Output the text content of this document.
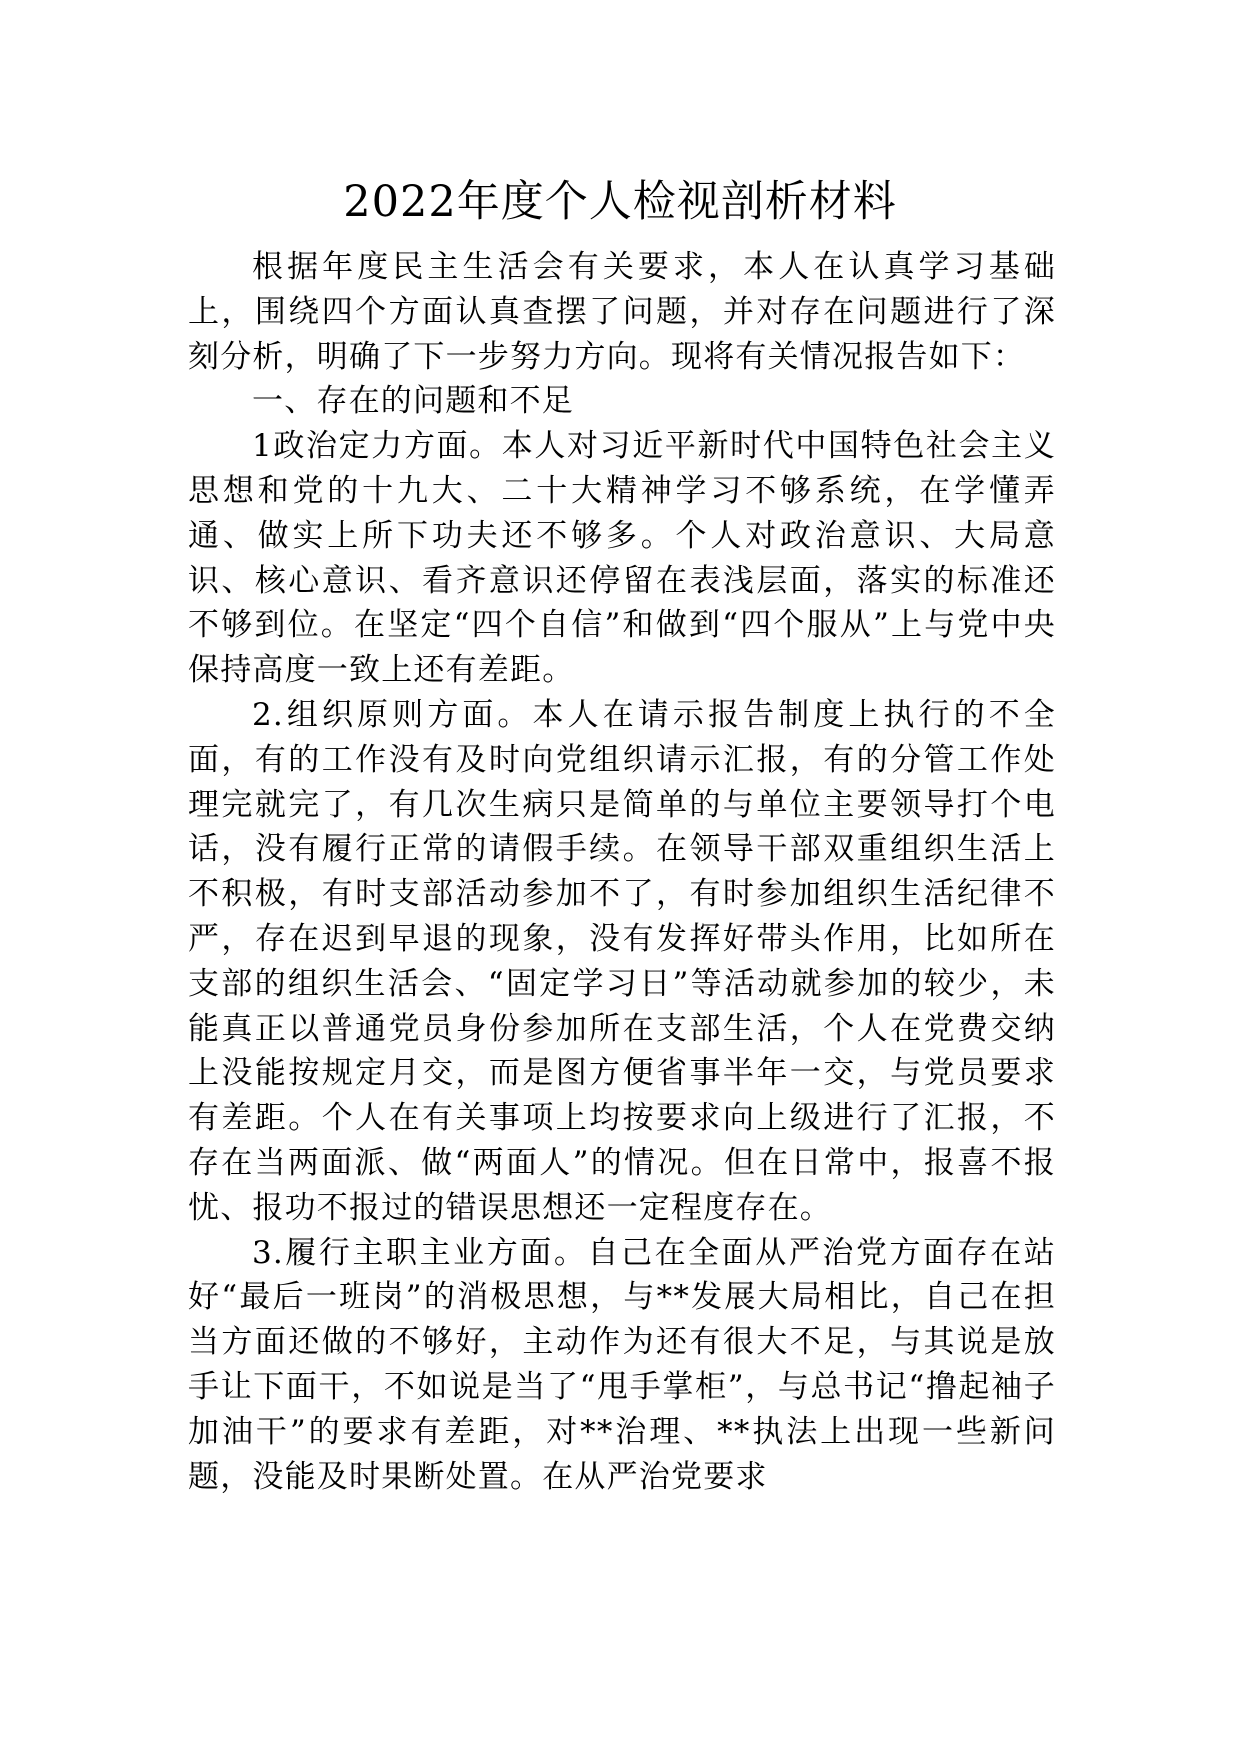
2022年度个人检视剖析材料

根据年度民主生活会有关要求，本人在认真学习基础上，围绕四个方面认真查摆了问题，并对存在问题进行了深刻分析，明确了下一步努力方向。现将有关情况报告如下：

一、存在的问题和不足

1政治定力方面。本人对习近平新时代中国特色社会主义思想和党的十九大、二十大精神学习不够系统，在学懂弄通、做实上所下功夫还不够多。个人对政治意识、大局意识、核心意识、看齐意识还停留在表浅层面，落实的标准还不够到位。在坚定“四个自信”和做到“四个服从”上与党中央保持高度一致上还有差距。

2.组织原则方面。本人在请示报告制度上执行的不全面，有的工作没有及时向党组织请示汇报，有的分管工作处理完就完了，有几次生病只是简单的与单位主要领导打个电话，没有履行正常的请假手续。在领导干部双重组织生活上不积极，有时支部活动参加不了，有时参加组织生活纪律不严，存在迟到早退的现象，没有发挥好带头作用，比如所在支部的组织生活会、“固定学习日”等活动就参加的较少，未能真正以普通党员身份参加所在支部生活，个人在党费交纳上没能按规定月交，而是图方便省事半年一交，与党员要求有差距。个人在有关事项上均按要求向上级进行了汇报，不存在当两面派、做“两面人”的情况。但在日常中，报喜不报忧、报功不报过的错误思想还一定程度存在。

3.履行主职主业方面。自己在全面从严治党方面存在站好“最后一班岗”的消极思想，与**发展大局相比，自己在担当方面还做的不够好，主动作为还有很大不足，与其说是放手让下面干，不如说是当了“甩手掌柜”，与总书记“撸起袖子加油干”的要求有差距，对**治理、**执法上出现一些新问题，没能及时果断处置。在从严治党要求
